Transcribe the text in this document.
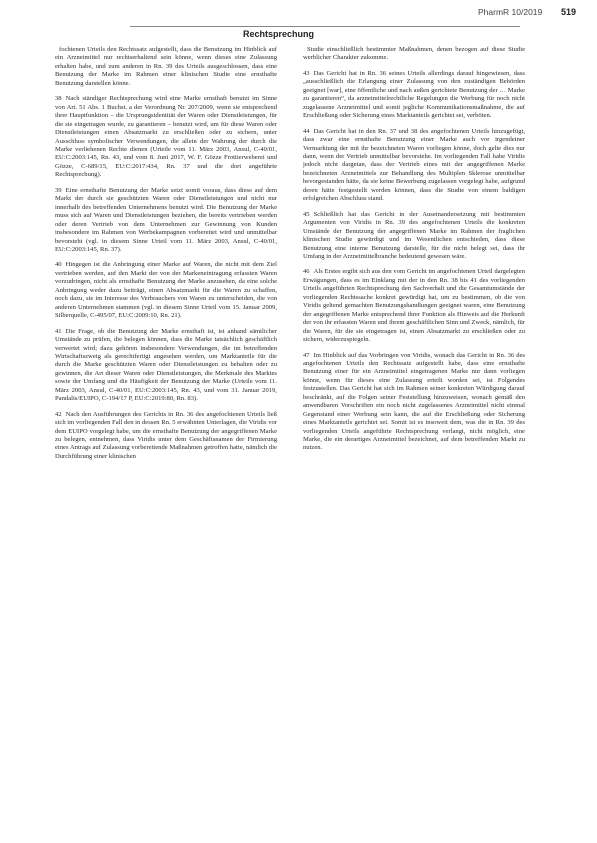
PharmR 10/2019 519
Rechtsprechung

fochtenen Urteils den Rechtssatz aufgestellt, dass die Benutzung im Hinblick auf ein Arzneimittel nur rechtserhaltend sein könne, wenn dieses eine Zulassung erhalten habe, und zum anderen in Rn. 39 des Urteils ausgeschlossen, dass eine Benutzung der Marke im Rahmen einer klinischen Studie eine ernsthafte Benutzung darstellen könne.

38 Nach ständiger Rechtsprechung wird eine Marke ernsthaft benutzt im Sinne von Art. 51 Abs. 1 Buchst. a der Verordnung Nr. 207/2009, wenn sie entsprechend ihrer Hauptfunktion – die Ursprungsidentität der Waren oder Dienstleistungen, für die sie eingetragen wurde, zu garantieren – benutzt wird, um für diese Waren oder Dienstleistungen einen Absatzmarkt zu erschließen oder zu sichern, unter Ausschluss symbolischer Verwendungen, die allein der Wahrung der durch die Marke verliehenen Rechte dienen (Urteile vom 11. März 2003, Ansul, C-40/01, EU:C:2003:145, Rn. 43, und vom 8. Juni 2017, W. F. Gözze Frottierweberei und Gözze, C-689/15, EU:C:2017:434, Rn. 37 und die dort angeführte Rechtsprechung).

39 Eine ernsthafte Benutzung der Marke setzt somit voraus, dass diese auf dem Markt der durch sie geschützten Waren oder Dienstleistungen und nicht nur innerhalb des betreffenden Unternehmens benutzt wird. Die Benutzung der Marke muss sich auf Waren und Dienstleistungen beziehen, die bereits vertrieben werden oder deren Vertrieb von dem Unternehmen zur Gewinnung von Kunden insbesondere im Rahmen von Werbekampagnen vorbereitet wird und unmittelbar bevorsteht (vgl. in diesem Sinne Urteil vom 11. März 2003, Ansul, C-40/01, EU:C:2003:145, Rn. 37).

40 Hingegen ist die Anbringung einer Marke auf Waren, die nicht mit dem Ziel vertrieben werden, auf den Markt der von der Markeneintragung erfassten Waren vorzudringen, nicht als ernsthafte Benutzung der Marke anzusehen, da eine solche Anbringung weder dazu beiträgt, einen Absatzmarkt für die Waren zu schaffen, noch dazu, sie im Interesse des Verbrauchers von Waren zu unterscheiden, die von anderen Unternehmen stammen (vgl. in diesem Sinne Urteil vom 15. Januar 2009, Silberquelle, C-495/07, EU:C:2009:10, Rn. 21).

41 Die Frage, ob die Benutzung der Marke ernsthaft ist, ist anhand sämtlicher Umstände zu prüfen, die belegen können, dass die Marke tatsächlich geschäftlich verwertet wird; dazu gehören insbesondere Verwendungen, die im betreffenden Wirtschaftszweig als gerechtfertigt angesehen werden, um Marktanteile für die durch die Marke geschützten Waren oder Dienstleistungen zu behalten oder zu gewinnen, die Art dieser Waren oder Dienstleistungen, die Merkmale des Marktes sowie der Umfang und die Häufigkeit der Benutzung der Marke (Urteile vom 11. März 2003, Ansul, C-40/01, EU:C:2003:145, Rn. 43, und vom 31. Januar 2019, Pandalis/EUIPO, C-194/17 P, EU:C:2019:80, Rn. 83).

42 Nach den Ausführungen des Gerichts in Rn. 36 des angefochtenen Urteils ließ sich im vorliegenden Fall den in dessen Rn. 5 erwähnten Unterlagen, die Viridis vor dem EUIPO vorgelegt habe, um die ernsthafte Benutzung der angegriffenen Marke zu belegen, entnehmen, dass Viridis unter dem Geschäftsnamen der Firmierung eines Antrags auf Zulassung vorbereitende Maßnahmen getroffen hatte, nämlich die Durchführung einer klinischen

Studie einschließlich bestimmter Maßnahmen, denen bezogen auf diese Studie werblicher Charakter zukomme.

43 Das Gericht hat in Rn. 36 seines Urteils allerdings darauf hingewiesen, dass „ausschließlich die Erlangung einer Zulassung von den zuständigen Behörden geeignet [war], eine öffentliche und nach außen gerichtete Benutzung der … Marke zu garantieren“, da arzneimittelrechtliche Regelungen die Werbung für noch nicht zugelassene Arzneimittel und somit jegliche Kommunikationsmaßnahme, die auf Erschließung oder Sicherung eines Marktanteils gerichtet sei, verböten.

44 Das Gericht hat in den Rn. 37 und 38 des angefochtenen Urteils hinzugefügt, dass zwar eine ernsthafte Benutzung einer Marke auch vor irgendeiner Vermarktung der mit ihr bezeichneten Waren vorliegen könne, doch gelte dies nur dann, wenn der Vertrieb unmittelbar bevorstehe. Im vorliegenden Fall habe Viridis jedoch nicht dargetan, dass der Vertrieb eines mit der angegriffenen Marke bezeichneten Arzneimittels zur Behandlung des Multiplen Sklerose unmittelbar bevorgestanden hätte, da sie keine Bewerbung zugelassen vorgelegt habe, aufgrund deren hätte festgestellt werden können, dass die Studie von einem baldigen erfolgreichen Abschluss stand.

45 Schließlich hat das Gericht in der Auseinandersetzung mit bestimmten Argumenten von Viridis in Rn. 39 des angefochtenen Urteils die konkreten Umstände der Benutzung der angegriffenen Marke im Rahmen der fraglichen klinischen Studie gewürdigt und im Wesentlichen entschieden, dass diese Benutzung eine interne Benutzung darstelle, für die nicht belegt sei, dass ihr Umfang in der Arzneimittelbranche bedeutend gewesen wäre.

46 Als Erstes ergibt sich aus den vom Gericht im angefochtenen Urteil dargelegten Erwägungen, dass es im Einklang mit der in den Rn. 38 bis 41 des vorliegenden Urteils angeführten Rechtsprechung den Sachverhalt und die Gesamtumstände der vorliegenden Rechtssache konkret gewürdigt hat, um zu bestimmen, ob die von Viridis geltend gemachten Benutzungshandlungen geeignet waren, eine Benutzung der angegriffenen Marke entsprechend ihrer Funktion als Hinweis auf die Herkunft der von ihr erfassten Waren und ihrem geschäftlichen Sinn und Zweck, nämlich, für die Waren, für die sie eingetragen ist, einen Absatzmarkt zu erschließen oder zu sichern, widerzuspiegeln.

47 Im Hinblick auf das Vorbringen von Viridis, wonach das Gericht in Rn. 36 des angefochtenen Urteils den Rechtssatz aufgestellt habe, dass eine ernsthafte Benutzung einer für ein Arzneimittel eingetragenen Marke nur dann vorliegen könne, wenn für dieses eine Zulassung erteilt worden sei, ist Folgendes festzustellen. Das Gericht hat sich im Rahmen seiner konkreten Würdigung darauf beschränkt, auf die Folgen seiner Feststellung hinzuweisen, wonach gemäß den anwendbaren Vorschriften ein noch nicht zugelassenes Arzneimittel nicht einmal Gegenstand einer Werbung sein kann, die auf die Erschließung oder Sicherung eines Marktanteils gerichtet sei. Somit ist es insoweit dem, was die in Rn. 39 des vorliegenden Urteils angeführte Rechtsprechung verlangt, nicht möglich, eine Marke, die ein derartiges Arzneimittel bezeichnet, auf dem betreffenden Markt zu nutzen.
